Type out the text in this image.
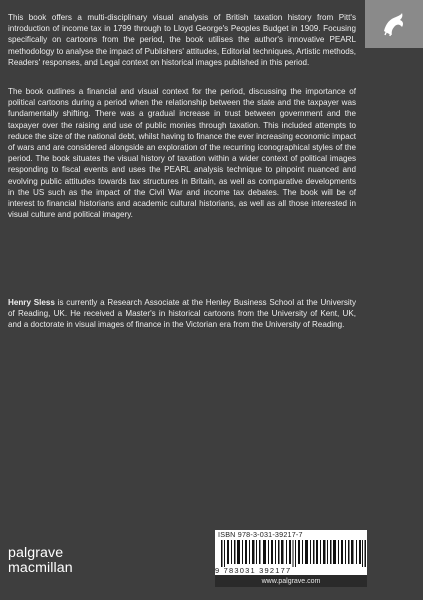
This book offers a multi-disciplinary visual analysis of British taxation history from Pitt's introduction of income tax in 1799 through to Lloyd George's Peoples Budget in 1909. Focusing specifically on cartoons from the period, the book utilises the author's innovative PEARL methodology to analyse the impact of Publishers' attitudes, Editorial techniques, Artistic methods, Readers' responses, and Legal context on historical images published in this period.
The book outlines a financial and visual context for the period, discussing the importance of political cartoons during a period when the relationship between the state and the taxpayer was fundamentally shifting. There was a gradual increase in trust between government and the taxpayer over the raising and use of public monies through taxation. This included attempts to reduce the size of the national debt, whilst having to finance the ever increasing economic impact of wars and are considered alongside an exploration of the recurring iconographical styles of the period. The book situates the visual history of taxation within a wider context of political images responding to fiscal events and uses the PEARL analysis technique to pinpoint nuanced and evolving public attitudes towards tax structures in Britain, as well as comparative developments in the US such as the impact of the Civil War and income tax debates. The book will be of interest to financial historians and academic cultural historians, as well as all those interested in visual culture and political imagery.
Henry Sless is currently a Research Associate at the Henley Business School at the University of Reading, UK. He received a Master's in historical cartoons from the University of Kent, UK, and a doctorate in visual images of finance in the Victorian era from the University of Reading.
palgrave
macmillan
ISBN 978-3-031-39217-7
9 783031 392177
www.palgrave.com
